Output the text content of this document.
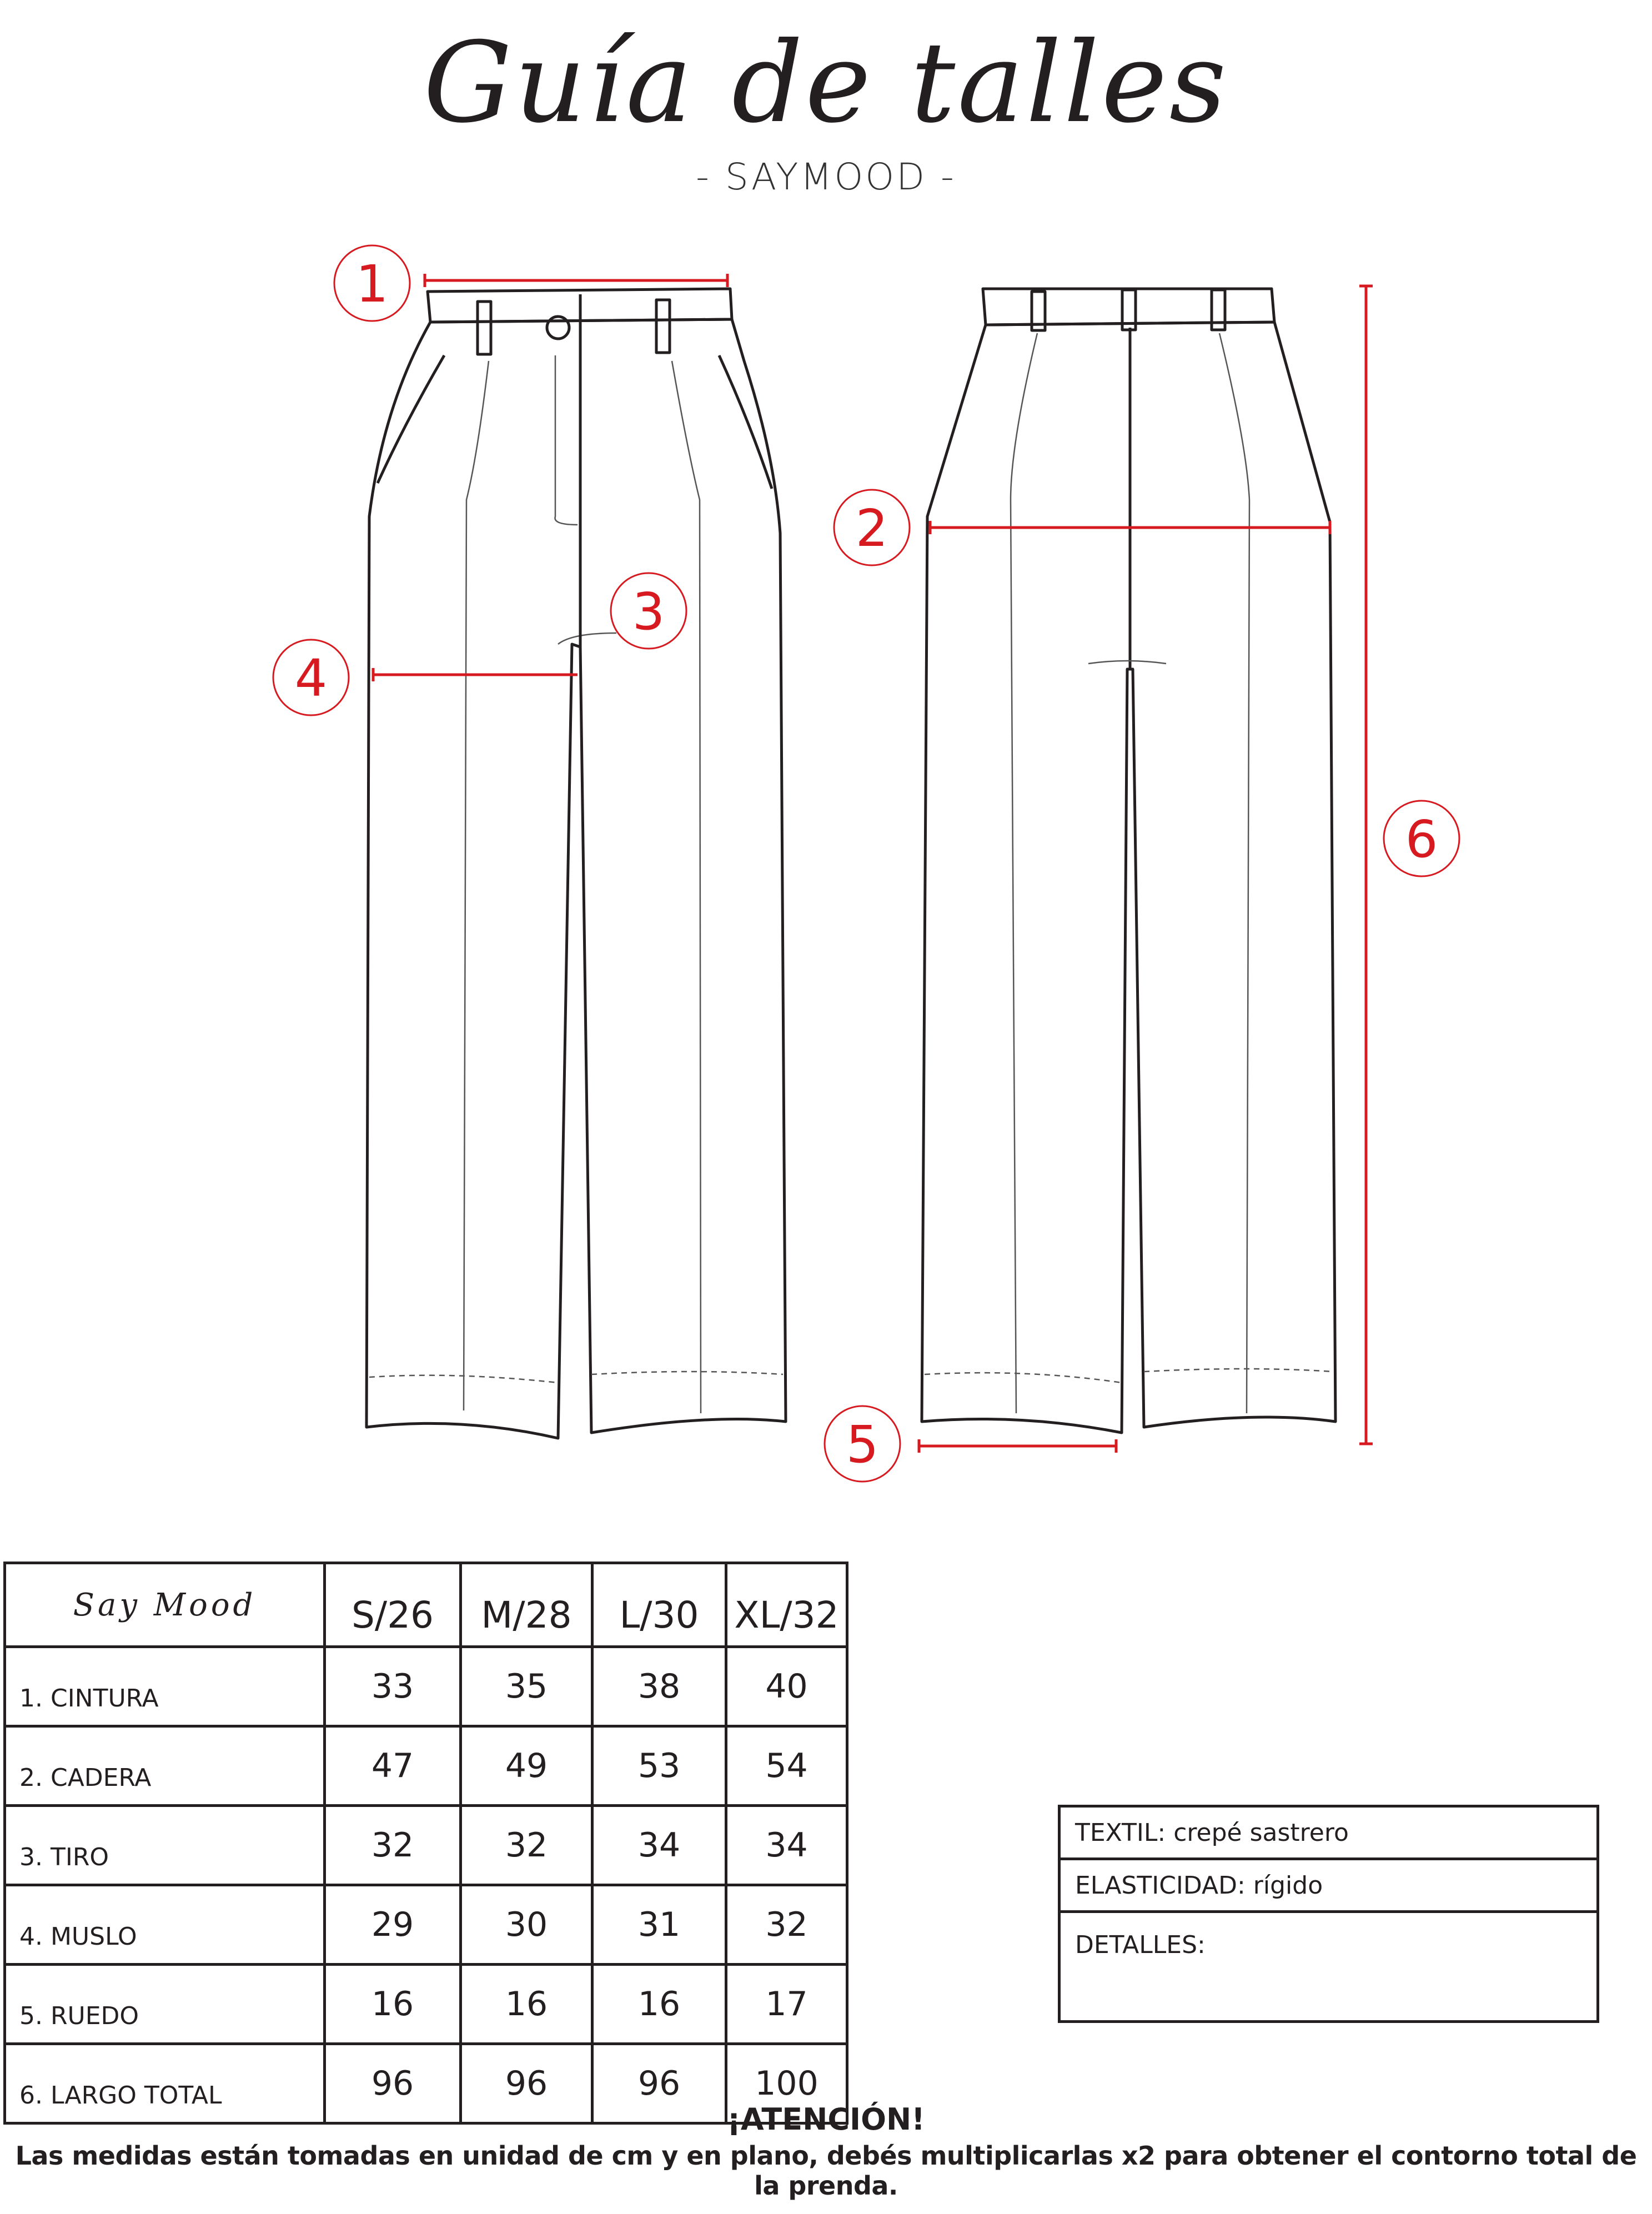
Guía de talles
- SAYMOOD -
1
2
3
4
5
6
Say Mood	S/26	M/28	L/30	XL/32
1. CINTURA	33	35	38	40
2. CADERA	47	49	53	54
3. TIRO	32	32	34	34
4. MUSLO	29	30	31	32
5. RUEDO	16	16	16	17
6. LARGO TOTAL	96	96	96	100
TEXTIL: crepé sastrero
ELASTICIDAD: rígido
DETALLES:
¡ATENCIÓN!
Las medidas están tomadas en unidad de cm y en plano, debés multiplicarlas x2 para obtener el contorno total de la prenda.
